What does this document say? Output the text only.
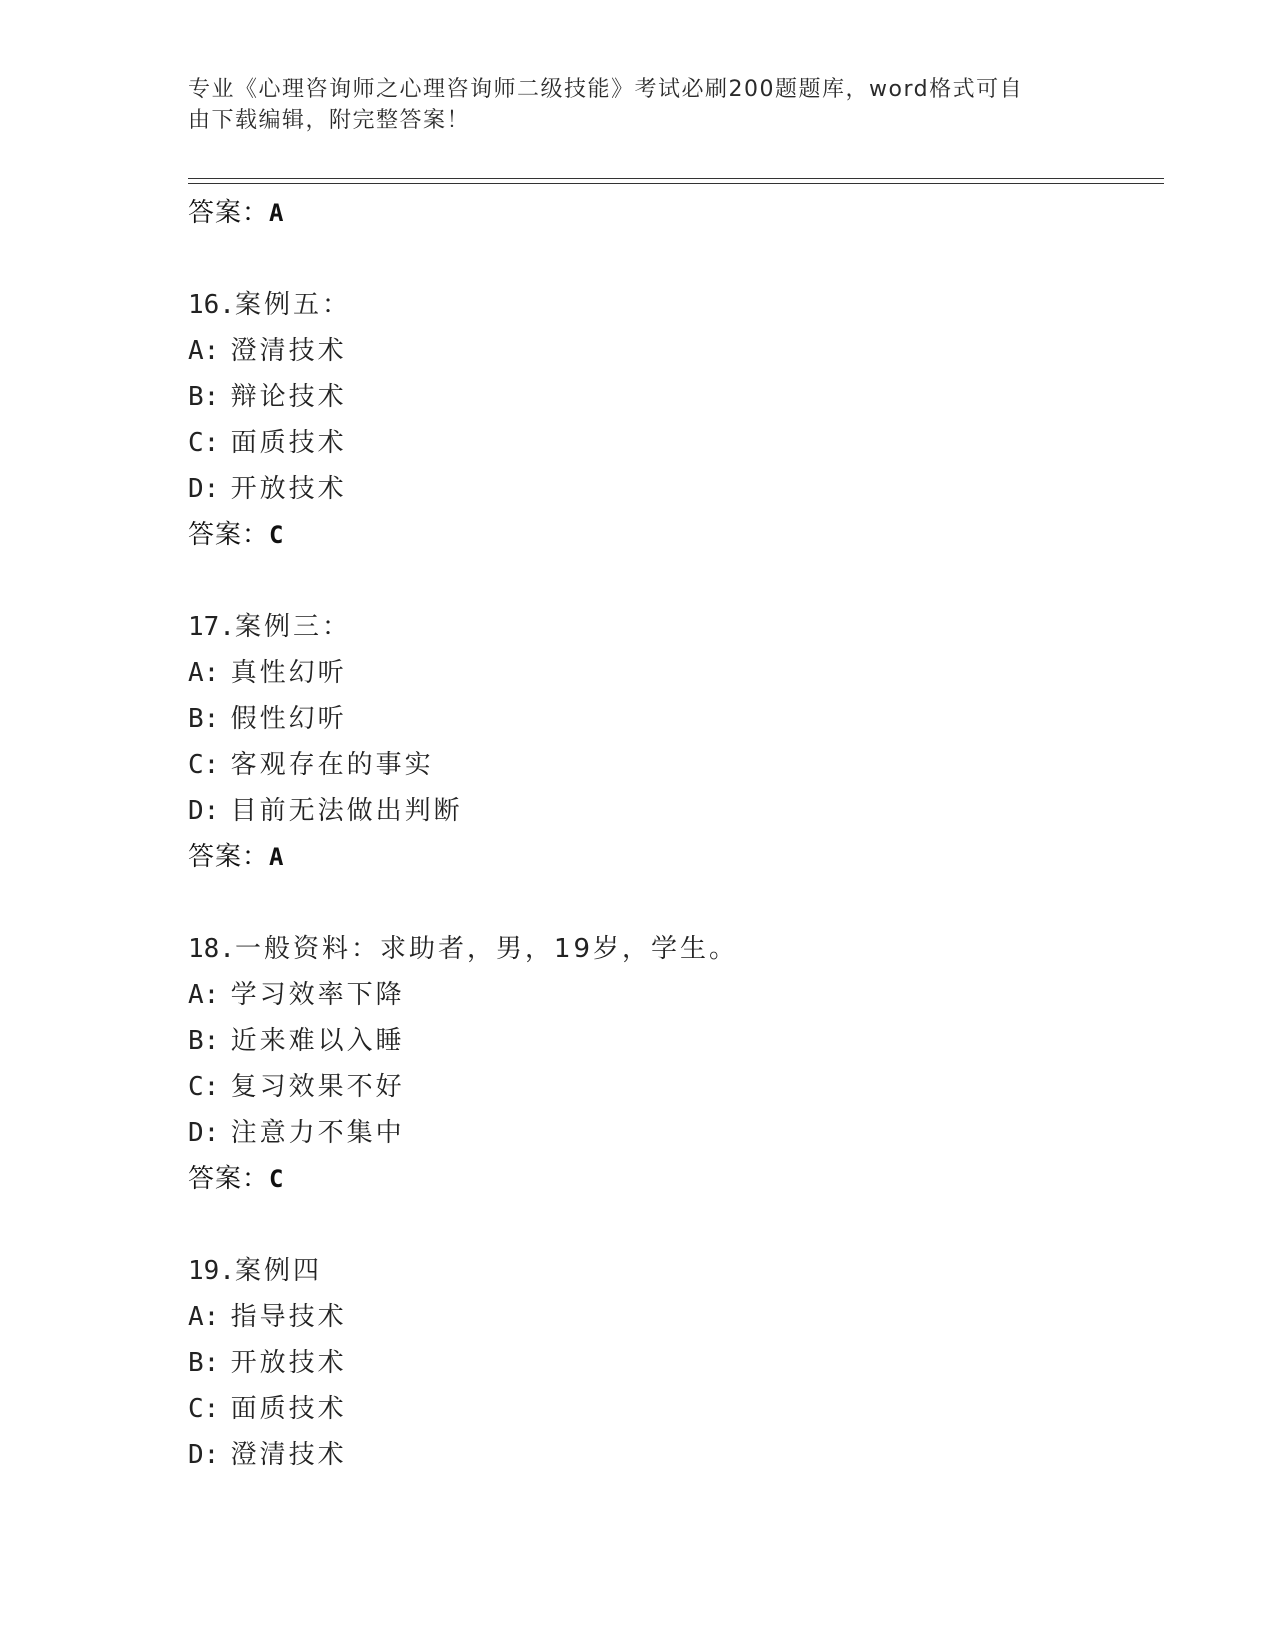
专业《心理咨询师之心理咨询师二级技能》考试必刷200题题库，word格式可自
由下载编辑，附完整答案！
答案：A
16.案例五：
A: 澄清技术
B: 辩论技术
C: 面质技术
D: 开放技术
答案：C
17.案例三：
A: 真性幻听
B: 假性幻听
C: 客观存在的事实
D: 目前无法做出判断
答案：A
18.一般资料：求助者，男，19岁，学生。
A: 学习效率下降
B: 近来难以入睡
C: 复习效果不好
D: 注意力不集中
答案：C
19.案例四
A: 指导技术
B: 开放技术
C: 面质技术
D: 澄清技术
